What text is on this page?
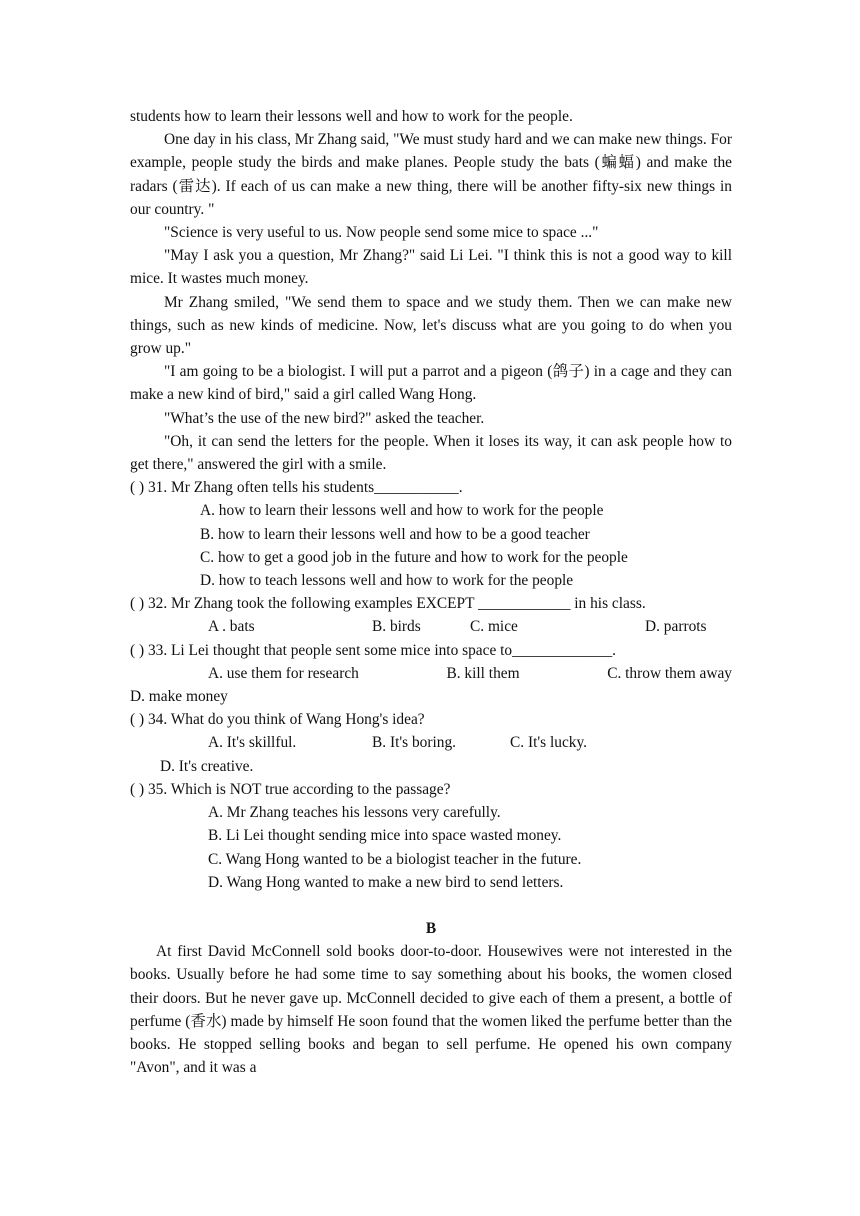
students how to learn their lessons well and how to work for the people.

One day in his class, Mr Zhang said, "We must study hard and we can make new things. For example, people study the birds and make planes. People study the bats (蝙蝠) and make the radars (雷达). If each of us can make a new thing, there will be another fifty-six new things in our country. "

"Science is very useful to us. Now people send some mice to space ..."

"May I ask you a question, Mr Zhang?" said Li Lei. "I think this is not a good way to kill mice. It wastes much money.

Mr Zhang smiled, "We send them to space and we study them. Then we can make new things, such as new kinds of medicine. Now, let's discuss what are you going to do when you grow up."

"I am going to be a biologist. I will put a parrot and a pigeon (鸽子) in a cage and they can make a new kind of bird," said a girl called Wang Hong.

"What’s the use of the new bird?" asked the teacher.

"Oh, it can send the letters for the people. When it loses its way, it can ask people how to get there," answered the girl with a smile.

( ) 31. Mr Zhang often tells his students___________.

A. how to learn their lessons well and how to work for the people

B. how to learn their lessons well and how to be a good teacher

C. how to get a good job in the future and how to work for the people

D. how to teach lessons well and how to work for the people

( ) 32. Mr Zhang took the following examples EXCEPT ____________ in his class.

A . bats	B. birds	C. mice	D. parrots

( ) 33. Li Lei thought that people sent some mice into space to_____________.

A. use them for research	B. kill them	C. throw them away

D. make money

( ) 34. What do you think of Wang Hong's idea?

A. It's skillful.	B. It's boring.	C. It's lucky.

D. It's creative.

( ) 35. Which is NOT true according to the passage?

A. Mr Zhang teaches his lessons very carefully.

B. Li Lei thought sending mice into space wasted money.

C. Wang Hong wanted to be a biologist teacher in the future.

D. Wang Hong wanted to make a new bird to send letters.

B

At first David McConnell sold books door-to-door. Housewives were not interested in the books. Usually before he had some time to say something about his books, the women closed their doors. But he never gave up. McConnell decided to give each of them a present, a bottle of perfume (香水) made by himself He soon found that the women liked the perfume better than the books. He stopped selling books and began to sell perfume. He opened his own company "Avon", and it was a
